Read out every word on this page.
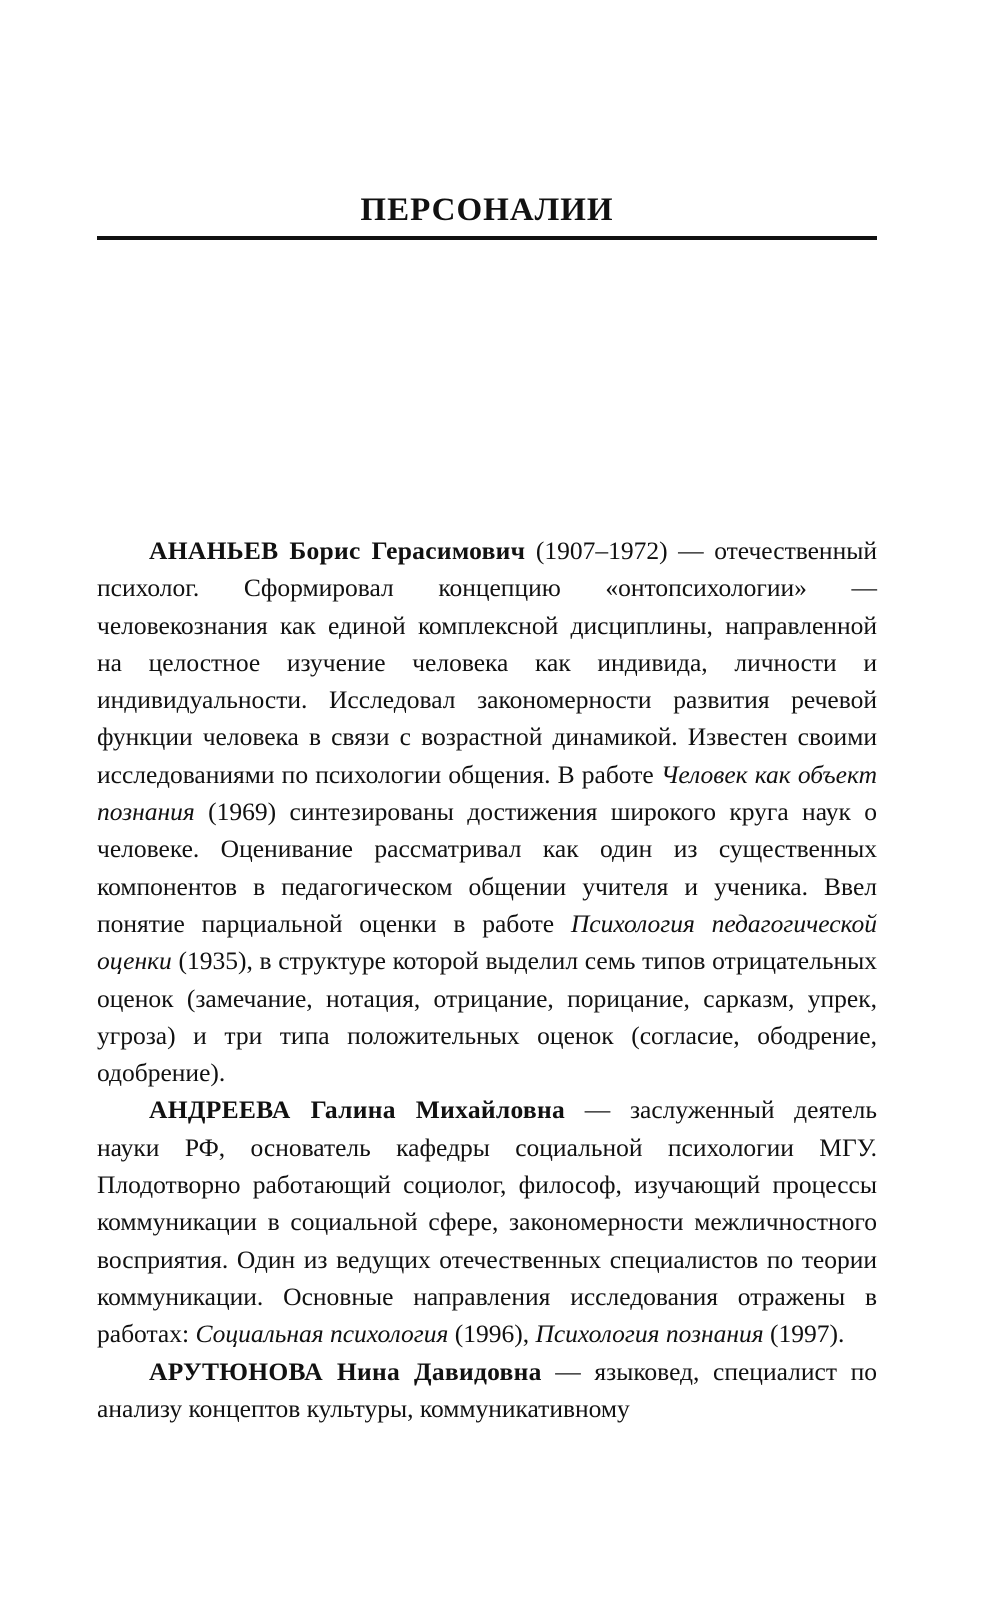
ПЕРСОНАЛИИ

АНАНЬЕВ Борис Герасимович (1907–1972) — отечественный психолог. Сформировал концепцию «онтопсихологии» — человекознания как единой комплексной дисциплины, направленной на целостное изучение человека как индивида, личности и индивидуальности. Исследовал закономерности развития речевой функции человека в связи с возрастной динамикой. Известен своими исследованиями по психологии общения. В работе Человек как объект познания (1969) синтезированы достижения широкого круга наук о человеке. Оценивание рассматривал как один из существенных компонентов в педагогическом общении учителя и ученика. Ввел понятие парциальной оценки в работе Психология педагогической оценки (1935), в структуре которой выделил семь типов отрицательных оценок (замечание, нотация, отрицание, порицание, сарказм, упрек, угроза) и три типа положительных оценок (согласие, ободрение, одобрение).

АНДРЕЕВА Галина Михайловна — заслуженный деятель науки РФ, основатель кафедры социальной психологии МГУ. Плодотворно работающий социолог, философ, изучающий процессы коммуникации в социальной сфере, закономерности межличностного восприятия. Один из ведущих отечественных специалистов по теории коммуникации. Основные направления исследования отражены в работах: Социальная психология (1996), Психология познания (1997).

АРУТЮНОВА Нина Давидовна — языковед, специалист по анализу концептов культуры, коммуникативному
